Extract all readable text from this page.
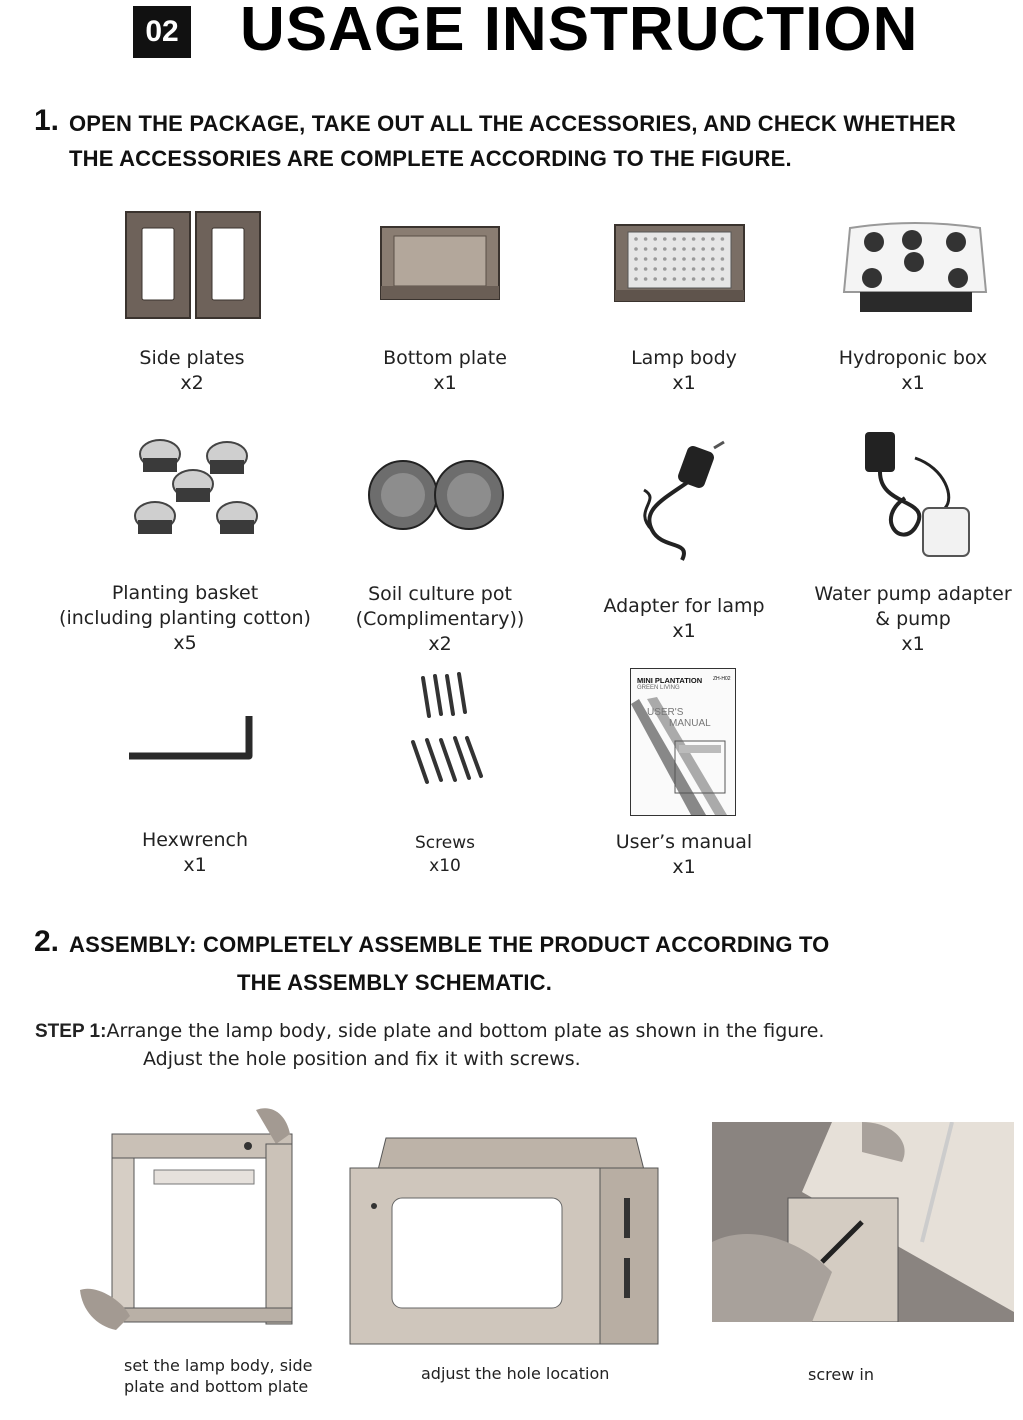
02 USAGE INSTRUCTION
1. OPEN THE PACKAGE, TAKE OUT ALL THE ACCESSORIES, AND CHECK WHETHER
THE ACCESSORIES ARE COMPLETE ACCORDING TO THE FIGURE.
Side plates
x2
Bottom plate
x1
Lamp body
x1
Hydroponic box
x1
Planting basket
(including planting cotton)
x5
Soil culture pot
(Complimentary))
x2
Adapter for lamp
x1
Water pump adapter
& pump
x1
MINI PLANTATION
GREEN LIVING
ZH-H02
USER'S
MANUAL
Hexwrench
x1
Screws
x10
User’s manual
x1
2. ASSEMBLY: COMPLETELY ASSEMBLE THE PRODUCT ACCORDING TO
THE ASSEMBLY SCHEMATIC.
STEP 1:Arrange the lamp body, side plate and bottom plate as shown in the figure.
Adjust the hole position and fix it with screws.
set the lamp body, side
plate and bottom plate
adjust the hole location	screw in
